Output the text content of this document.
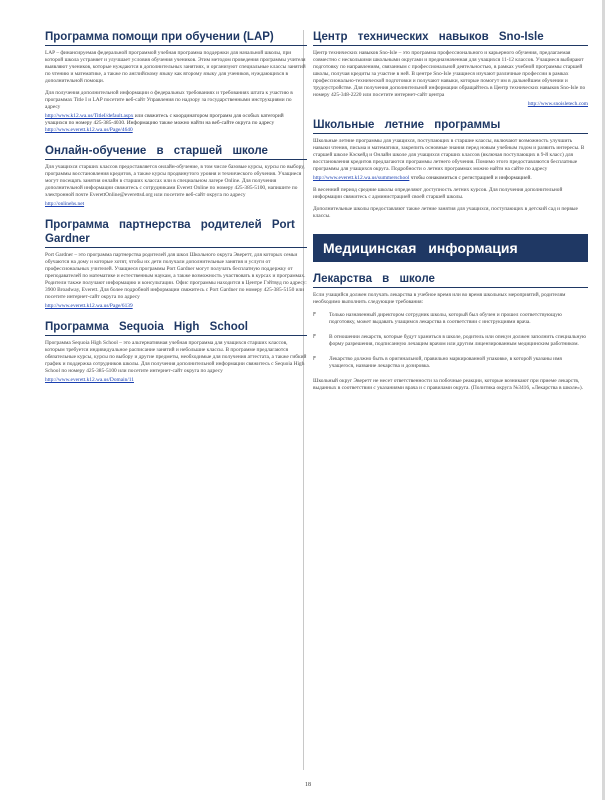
Программа помощи при обучении (LAP)

LAP – финансируемая федеральной программой учебная программа поддержки для начальной школы, при которой школа устраняет и улучшает условия обучения учеников. Этим методом проведения программы учителя выявляют учеников, которые нуждаются в дополнительных занятиях, и организуют специальные классы занятий по чтению и математике, а также по английскому языку как второму языку для учеников, нуждающихся в дополнительной помощи.

Для получения дополнительной информации о федеральных требованиях и требованиях штата к участию в программах Title I и LAP посетите веб-сайт Управления по надзору за государственными инструкциями по адресу

http://www.k12.wa.us/TitleI/default.aspx или свяжитесь с координатором программ для особых категорий учащихся по номеру 425-385-4030. Информацию также можно найти на веб-сайте округа по адресу http://www.everett.k12.wa.us/Page/4640
Онлайн-обучение в старшей школе

Для учащихся старших классов предоставляется онлайн-обучение, в том числе базовые курсы, курсы по выбору, программы восстановления кредитов, а также курсы продвинутого уровня и технического обучения. Учащиеся могут посещать занятия онлайн в старших классах или в специальном лагере Online. Для получения дополнительной информации свяжитесь с сотрудниками Everett Online по номеру 425-385-5100, напишите по электронной почте EverettOnline@everettsd.org или посетите веб-сайт округа по адресу

http://onlinehs.net
Программа партнерства родителей Port Gardner

Port Gardner – это программа партнерства родителей для школ Школьного округа Эверетт, для которых семьи обучаются на дому и которые хотят, чтобы их дети получали дополнительные занятия и услуги от профессиональных учителей. Учащиеся программы Port Gardner могут получать бесплатную поддержку от преподавателей по математике и естественным наукам, а также возможность участвовать в курсах и программах. Родители также получают информацию и консультации. Офис программы находится в Центре Гэйтвуд по адресу: 3900 Broadway, Everett. Для более подробной информации свяжитесь с Port Gardner по номеру 425-385-5150 или посетите интернет-сайт округа по адресу

http://www.everett.k12.wa.us/Page/6139
Программа Sequoia High School

Программа Sequoia High School – это альтернативная учебная программа для учащихся старших классов, которым требуется индивидуальное расписание занятий и небольшие классы. В программе предлагаются обязательные курсы, курсы по выбору и другие предметы, необходимые для получения аттестата, а также гибкий график и поддержка сотрудников школы. Для получения дополнительной информации свяжитесь с Sequoia High School по номеру 425-385-5100 или посетите интернет-сайт округа по адресу

http://www.everett.k12.wa.us/Domain/11
Центр технических навыков Sno-Isle

Центр технических навыков Sno-Isle – это программа профессионального и карьерного обучения, предлагаемая совместно с несколькими школьными округами и предназначенная для учащихся 11-12 классов. Учащиеся выбирают подготовку по направлениям, связанным с профессиональной деятельностью, в рамках учебной программы старшей школы, получая кредиты за участие в ней. В центре Sno-Isle учащиеся изучают различные профессии в рамках профессионально-технической подготовки и получают навыки, которые помогут им в дальнейшем обучении и трудоустройстве. Для получения дополнительной информации обращайтесь в Центр технических навыков Sno-Isle по номеру 425-348-2220 или посетите интернет-сайт центра

http://www.snoisletech.com
Школьные летние программы

Школьные летние программы для учащихся, поступающих в старшие классы, включают возможность улучшить навыки чтения, письма и математики, закрепить основные знания перед новым учебным годом и развить интересы. В старшей школе Кэскейд и Онлайн школе для учащихся старших классов (включая поступающих в 9-й класс) для восстановления кредитов предлагаются программы летнего обучения. Помимо этого предоставляются бесплатные программы для учащихся округа. Подробности о летних программах можно найти на сайте по адресу

http://www.everett.k12.wa.us/summerschool чтобы ознакомиться с регистрацией и информацией.

В весенний период средние школы определяют доступность летних курсов. Для получения дополнительной информации свяжитесь с администрацией своей старшей школы.

Дополнительные школы предоставляют также летние занятия для учащихся, поступающих в детский сад и первые классы.

Медицинская информация
Лекарства в школе

Если учащийся должен получать лекарства в учебное время или во время школьных мероприятий, родителям необходимо выполнить следующие требования:

F Только назначенный директором сотрудник школы, который был обучен и прошел соответствующую подготовку, может выдавать учащимся лекарства в соответствии с инструкциями врача.
F В отношении лекарств, которые будут храниться в школе, родитель или опекун должен заполнить специальную форму разрешения, подписанную лечащим врачом или другим лицензированным медицинским работником.
F Лекарство должно быть в оригинальной, правильно маркированной упаковке, в которой указаны имя учащегося, название лекарства и дозировка.

Школьный округ Эверетт не несет ответственности за побочные реакции, которые возникают при приеме лекарств, выданных в соответствии с указаниями врача и с правилами округа. (Политика округа №3416, «Лекарства в школе»).

18
